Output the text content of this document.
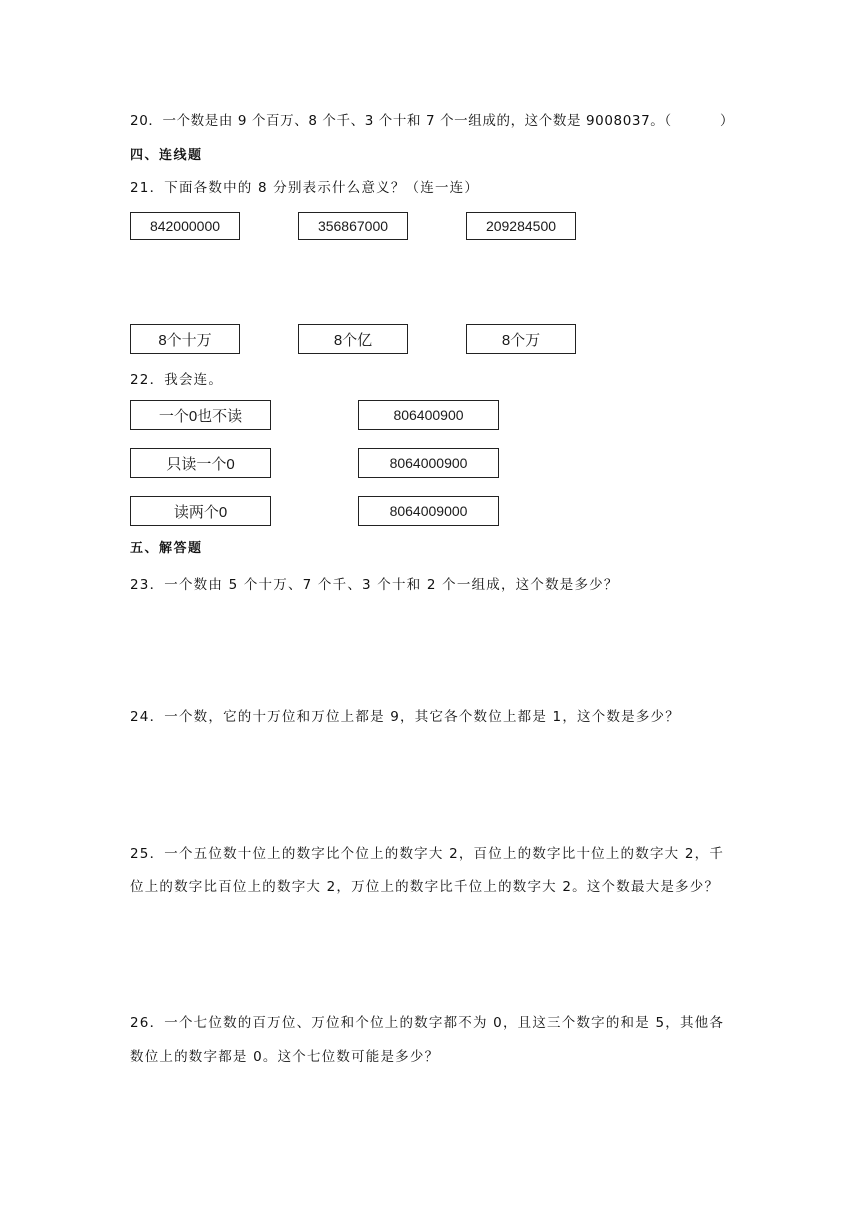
20．一个数是由 9 个百万、8 个千、3 个十和 7 个一组成的，这个数是 9008037。（	）
四、连线题
21．下面各数中的 8 分别表示什么意义？（连一连）
842000000	356867000	209284500
8个十万	8个亿	8个万
22．我会连。
一个0也不读
只读一个0
读两个0
806400900
8064000900
8064009000
五、解答题
23．一个数由 5 个十万、7 个千、3 个十和 2 个一组成，这个数是多少？
24．一个数，它的十万位和万位上都是 9，其它各个数位上都是 1，这个数是多少？
25．一个五位数十位上的数字比个位上的数字大 2，百位上的数字比十位上的数字大 2，千
位上的数字比百位上的数字大 2，万位上的数字比千位上的数字大 2。这个数最大是多少？
26．一个七位数的百万位、万位和个位上的数字都不为 0，且这三个数字的和是 5，其他各
数位上的数字都是 0。这个七位数可能是多少？
